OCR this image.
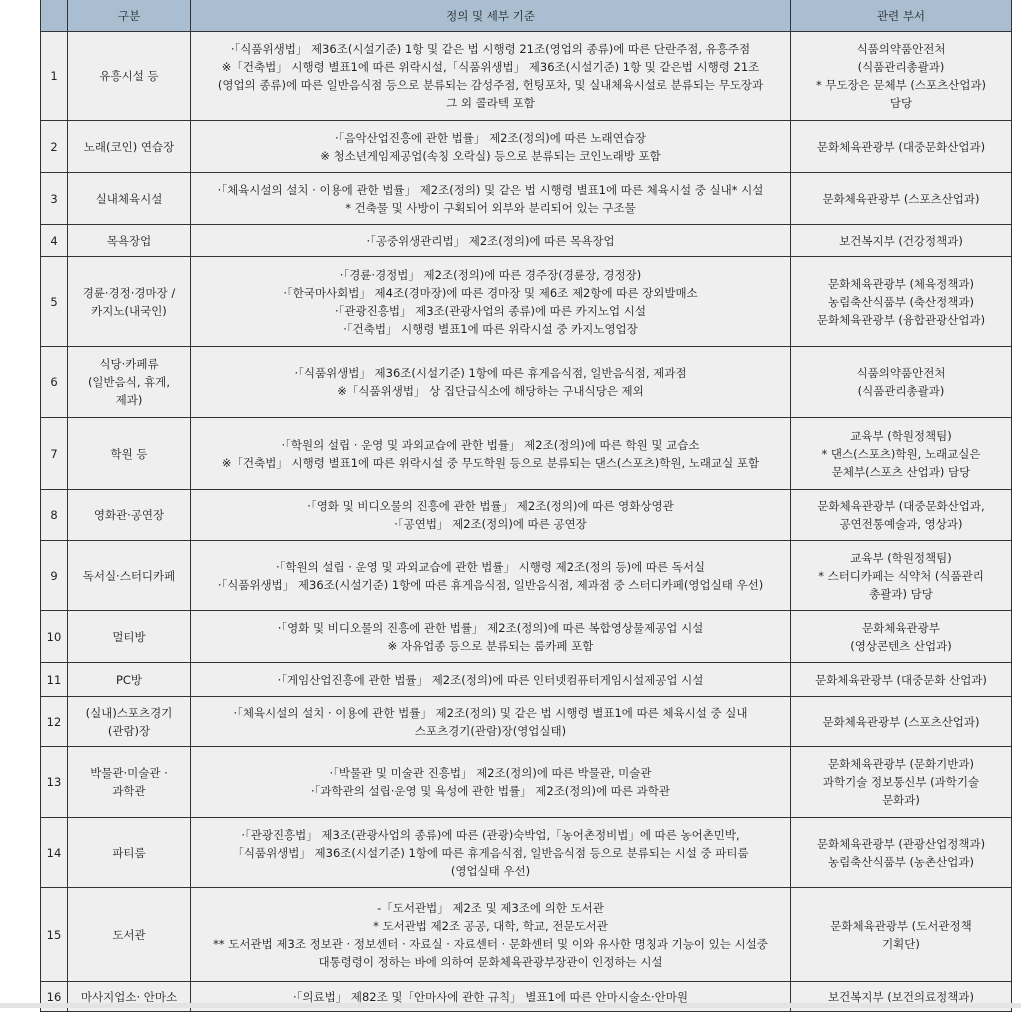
	구분	정의 및 세부 기준	관련 부서
1	유흥시설 등	·「식품위생법」 제36조(시설기준) 1항 및 같은 법 시행령 21조(영업의 종류)에 따른 단란주점, 유흥주점
※「건축법」 시행령 별표1에 따른 위락시설,「식품위생법」 제36조(시설기준) 1항 및 같은법 시행령 21조
(영업의 종류)에 따른 일반음식점 등으로 분류되는 감성주점, 헌팅포차, 및 실내체육시설로 분류되는 무도장과
그 외 콜라텍 포함	식품의약품안전처
(식품관리총괄과)
* 무도장은 문체부 (스포츠산업과)
담당

2	노래(코인) 연습장	·「음악산업진흥에 관한 법률」 제2조(정의)에 따른 노래연습장
※ 청소년게임제공업(속칭 오락실) 등으로 분류되는 코인노래방 포함	문화체육관광부 (대중문화산업과)

3	실내체육시설	·「체육시설의 설치 · 이용에 관한 법률」 제2조(정의) 및 같은 법 시행령 별표1에 따른 체육시설 중 실내* 시설
* 건축물 및 사방이 구획되어 외부와 분리되어 있는 구조물	문화체육관광부 (스포츠산업과)

4	목욕장업	·「공중위생관리법」 제2조(정의)에 따른 목욕장업	보건복지부 (건강정책과)

5	경륜·경정·경마장 /
카지노(내국인)	·「경륜·경정법」 제2조(정의)에 따른 경주장(경륜장, 경정장)
·「한국마사회법」 제4조(경마장)에 따른 경마장 및 제6조 제2항에 따른 장외발매소
·「관광진흥법」 제3조(관광사업의 종류)에 따른 카지노업 시설
·「건축법」 시행령 별표1에 따른 위락시설 중 카지노영업장	문화체육관광부 (체육정책과)
농림축산식품부 (축산정책과)
문화체육관광부 (융합관광산업과)

6	식당·카페류
(일반음식, 휴게,
제과)	·「식품위생법」 제36조(시설기준) 1항에 따른 휴게음식점, 일반음식점, 제과점
※「식품위생법」 상 집단급식소에 해당하는 구내식당은 제외	식품의약품안전처
(식품관리총괄과)

7	학원 등	·「학원의 설립 · 운영 및 과외교습에 관한 법률」 제2조(정의)에 따른 학원 및 교습소
※「건축법」 시행령 별표1에 따른 위락시설 중 무도학원 등으로 분류되는 댄스(스포츠)학원, 노래교실 포함	교육부 (학원정책팀)
* 댄스(스포츠)학원, 노래교실은
문체부(스포츠 산업과) 담당

8	영화관·공연장	·「영화 및 비디오물의 진흥에 관한 법률」 제2조(정의)에 따른 영화상영관
·「공연법」 제2조(정의)에 따른 공연장	문화체육관광부 (대중문화산업과,
공연전통예술과, 영상과)

9	독서실·스터디카페	·「학원의 설립 · 운영 및 과외교습에 관한 법률」 시행령 제2조(정의 등)에 따른 독서실
·「식품위생법」 제36조(시설기준) 1항에 따른 휴게음식점, 일반음식점, 제과점 중 스터디카페(영업실태 우선)	교육부 (학원정책팀)
* 스터디카페는 식약처 (식품관리
총괄과) 담당

10	멀티방	·「영화 및 비디오물의 진흥에 관한 법률」 제2조(정의)에 따른 복합영상물제공업 시설
※ 자유업종 등으로 분류되는 룸카페 포함	문화체육관광부
(영상콘텐츠 산업과)

11	PC방	·「게임산업진흥에 관한 법률」 제2조(정의)에 따른 인터넷컴퓨터게임시설제공업 시설	문화체육관광부 (대중문화 산업과)

12	(실내)스포츠경기
(관람)장	·「체육시설의 설치 · 이용에 관한 법률」 제2조(정의) 및 같은 법 시행령 별표1에 따른 체육시설 중 실내
스포츠경기(관람)장(영업실태)	문화체육관광부 (스포츠산업과)

13	박물관·미술관 ·
과학관	·「박물관 및 미술관 진흥법」 제2조(정의)에 따른 박물관, 미술관
·「과학관의 설립·운영 및 육성에 관한 법률」 제2조(정의)에 따른 과학관	문화체육관광부 (문화기반과)
과학기술 정보통신부 (과학기술
문화과)

14	파티룸	·「관광진흥법」 제3조(관광사업의 종류)에 따른 (관광)숙박업,「농어촌정비법」에 따른 농어촌민박,
「식품위생법」 제36조(시설기준) 1항에 따른 휴게음식점, 일반음식점 등으로 분류되는 시설 중 파티룸
(영업실태 우선)	문화체육관광부 (관광산업정책과)
농림축산식품부 (농촌산업과)

15	도서관	-「도서관법」 제2조 및 제3조에 의한 도서관
* 도서관법 제2조 공공, 대학, 학교, 전문도서관
** 도서관법 제3조 정보관 · 정보센터 · 자료실 · 자료센터 · 문화센터 및 이와 유사한 명칭과 기능이 있는 시설중
대통령령이 정하는 바에 의하여 문화체육관광부장관이 인정하는 시설	문화체육관광부 (도서관정책
기획단)

16	마사지업소· 안마소	·「의료법」 제82조 및「안마사에 관한 규칙」 별표1에 따른 안마시술소·안마원	보건복지부 (보건의료정책과)
